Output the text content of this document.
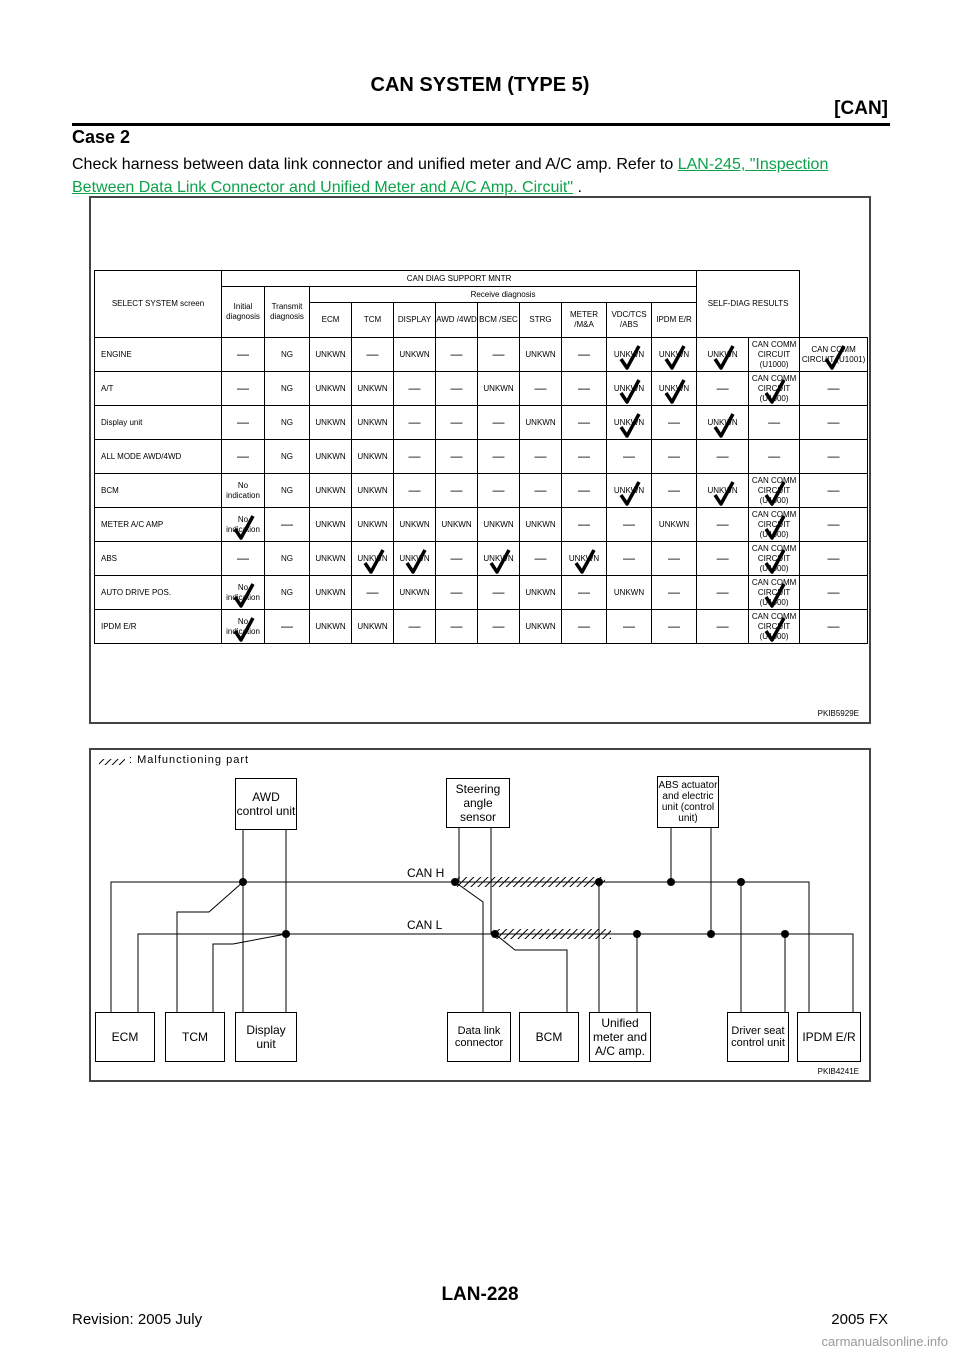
CAN SYSTEM (TYPE 5)
[CAN]
Case 2

Check harness between data link connector and unified meter and A/C amp. Refer to LAN-245, "Inspection Between Data Link Connector and Unified Meter and A/C Amp. Circuit" .

SELECT SYSTEM screen	CAN DIAG SUPPORT MNTR											SELF-DIAG RESULTS		
	Initial diagnosis	Transmit diagnosis	Receive diagnosis											
			ECM	TCM	DISPLAY	AWD /4WD	BCM /SEC	STRG	METER /M&A	VDC/TCS /ABS	IPDM E/R			
ENGINE	—	NG	UNKWN	—	UNKWN	—	—	UNKWN	—	UNKWN	UNKWN	UNKWN	CAN COMM CIRCUIT (U1000)	CAN COMM CIRCUIT (U1001)

A/T	—	NG	UNKWN	UNKWN	—	—	UNKWN	—	—	UNKWN	UNKWN	—	CAN COMM CIRCUIT (U1000)	—
Display unit	—	NG	UNKWN	UNKWN	—	—	—	UNKWN	—	UNKWN	—	UNKWN	—	—
ALL MODE AWD/4WD	—	NG	UNKWN	UNKWN	—	—	—	—	—	—	—	—	—	—
BCM	No indication	NG	UNKWN	UNKWN	—	—	—	—	—	UNKWN	—	UNKWN	CAN COMM CIRCUIT (U1000)	—
METER A/C AMP	No indication	—	UNKWN	UNKWN	UNKWN	UNKWN	UNKWN	UNKWN	—	—	UNKWN	—	CAN COMM CIRCUIT (U1000)	—
ABS	—	NG	UNKWN	UNKWN	UNKWN	—	UNKWN	—	UNKWN	—	—	—	CAN COMM CIRCUIT (U1000)	—
AUTO DRIVE POS.	No indication	NG	UNKWN	—	UNKWN	—	—	UNKWN	—	UNKWN	—	—	CAN COMM CIRCUIT (U1000)	—
IPDM E/R	No indication	—	UNKWN	UNKWN	—	—	—	UNKWN	—	—	—	—	CAN COMM CIRCUIT (U1000)	—
PKIB5929E
: Malfunctioning part
CAN H
CAN L
AWD control unit
Steering angle sensor
ABS actuator and electric unit (control unit)
ECM	TCM	Display unit
Data link connector	BCM
Unified meter and A/C amp.
Driver seat control unit	IPDM E/R
PKIB4241E
LAN-228
Revision: 2005 July	2005 FX
carmanualsonline.info
